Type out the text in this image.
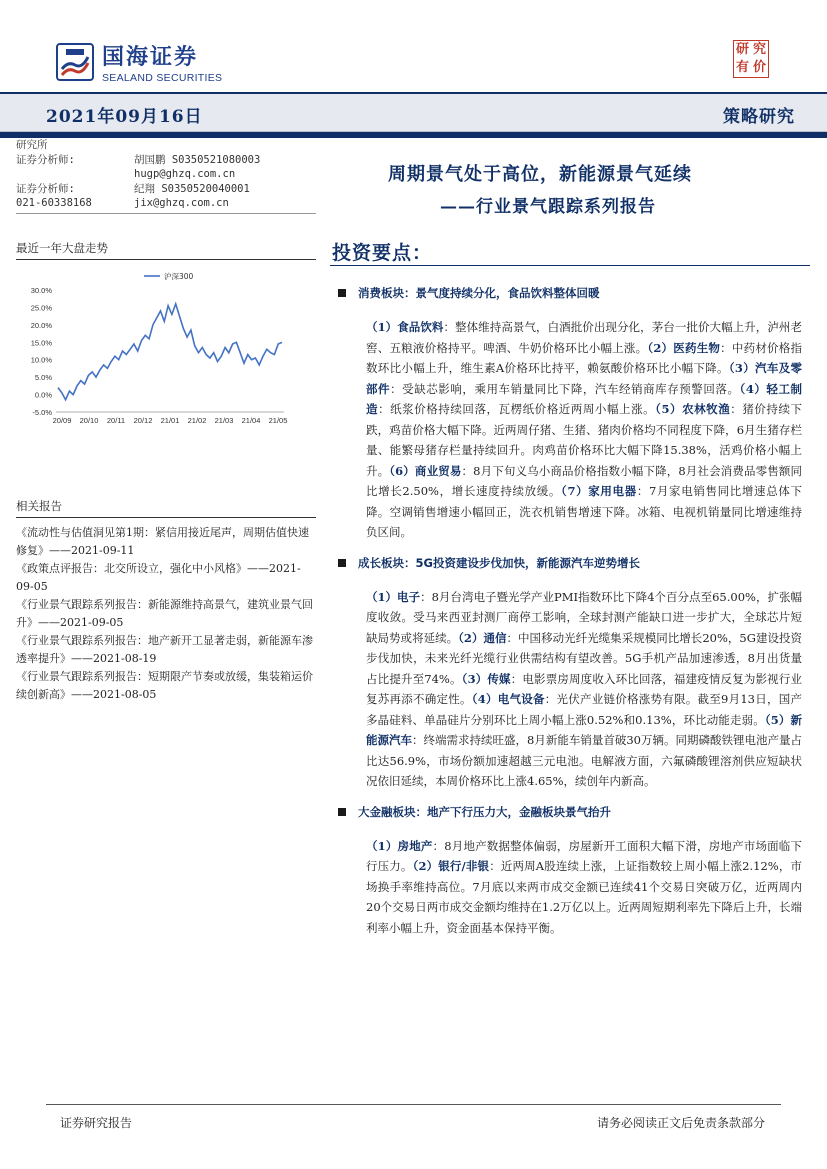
国海证券
SEALAND SECURITIES
研 究
有 价
2021年09月16日	策略研究
研究所
证券分析师:	胡国鹏 S0350521080003
hugp@ghzq.com.cn
证券分析师:	纪翔 S0350520040001
021-60338168	jix@ghzq.com.cn
周期景气处于高位，新能源景气延续
——行业景气跟踪系列报告
最近一年大盘走势
30.0%
25.0%
20.0%
15.0%
10.0%
5.0%
0.0%
-5.0%
20/09 20/10 20/11 20/12 21/01 21/02 21/03 21/04 21/05
沪深300
相关报告
《流动性与估值洞见第1期：紧信用接近尾声，周期估值快速修复》——2021-09-11
《政策点评报告：北交所设立，强化中小风格》——2021-09-05
《行业景气跟踪系列报告：新能源维持高景气，建筑业景气回升》——2021-09-05
《行业景气跟踪系列报告：地产新开工显著走弱，新能源车渗透率提升》——2021-08-19
《行业景气跟踪系列报告：短期限产节奏或放缓，集装箱运价续创新高》——2021-08-05
投资要点：
消费板块： 景气度持续分化，食品饮料整体回暖
（1）食品饮料：整体维持高景气，白酒批价出现分化，茅台一批价大幅上升，泸州老窖、五粮液价格持平。啤酒、牛奶价格环比小幅上涨。（2）医药生物：中药材价格指数环比小幅上升，维生素A价格环比持平，赖氨酸价格环比小幅下降。（3）汽车及零部件：受缺芯影响，乘用车销量同比下降，汽车经销商库存预警回落。（4）轻工制造：纸浆价格持续回落，瓦楞纸价格近两周小幅上涨。（5）农林牧渔：猪价持续下跌，鸡苗价格大幅下降。近两周仔猪、生猪、猪肉价格均不同程度下降，6月生猪存栏量、能繁母猪存栏量持续回升。肉鸡苗价格环比大幅下降15.38%，活鸡价格小幅上升。（6）商业贸易：8月下旬义乌小商品价格指数小幅下降，8月社会消费品零售额同比增长2.50%，增长速度持续放缓。（7）家用电器：7月家电销售同比增速总体下降。空调销售增速小幅回正，洗衣机销售增速下降。冰箱、电视机销量同比增速维持负区间。
成长板块： 5G投资建设步伐加快，新能源汽车逆势增长
（1）电子：8月台湾电子暨光学产业PMI指数环比下降4个百分点至65.00%，扩张幅度收敛。受马来西亚封测厂商停工影响，全球封测产能缺口进一步扩大，全球芯片短缺局势或将延续。（2）通信：中国移动光纤光缆集采规模同比增长20%，5G建设投资步伐加快，未来光纤光缆行业供需结构有望改善。5G手机产品加速渗透，8月出货量占比提升至74%。（3）传媒：电影票房周度收入环比回落，福建疫情反复为影视行业复苏再添不确定性。（4）电气设备：光伏产业链价格涨势有限。截至9月13日，国产多晶硅料、单晶硅片分别环比上周小幅上涨0.52%和0.13%，环比动能走弱。（5）新能源汽车：终端需求持续旺盛，8月新能车销量首破30万辆。同期磷酸铁锂电池产量占比达56.9%，市场份额加速超越三元电池。电解液方面，六氟磷酸锂溶剂供应短缺状况依旧延续，本周价格环比上涨4.65%，续创年内新高。
大金融板块： 地产下行压力大，金融板块景气抬升
（1）房地产：8月地产数据整体偏弱，房屋新开工面积大幅下滑，房地产市场面临下行压力。（2）银行/非银：近两周A股连续上涨，上证指数较上周小幅上涨2.12%，市场换手率维持高位。7月底以来两市成交金额已连续41个交易日突破万亿，近两周内20个交易日两市成交金额均维持在1.2万亿以上。近两周短期利率先下降后上升，长端利率小幅上升，资金面基本保持平衡。
证券研究报告	请务必阅读正文后免责条款部分
